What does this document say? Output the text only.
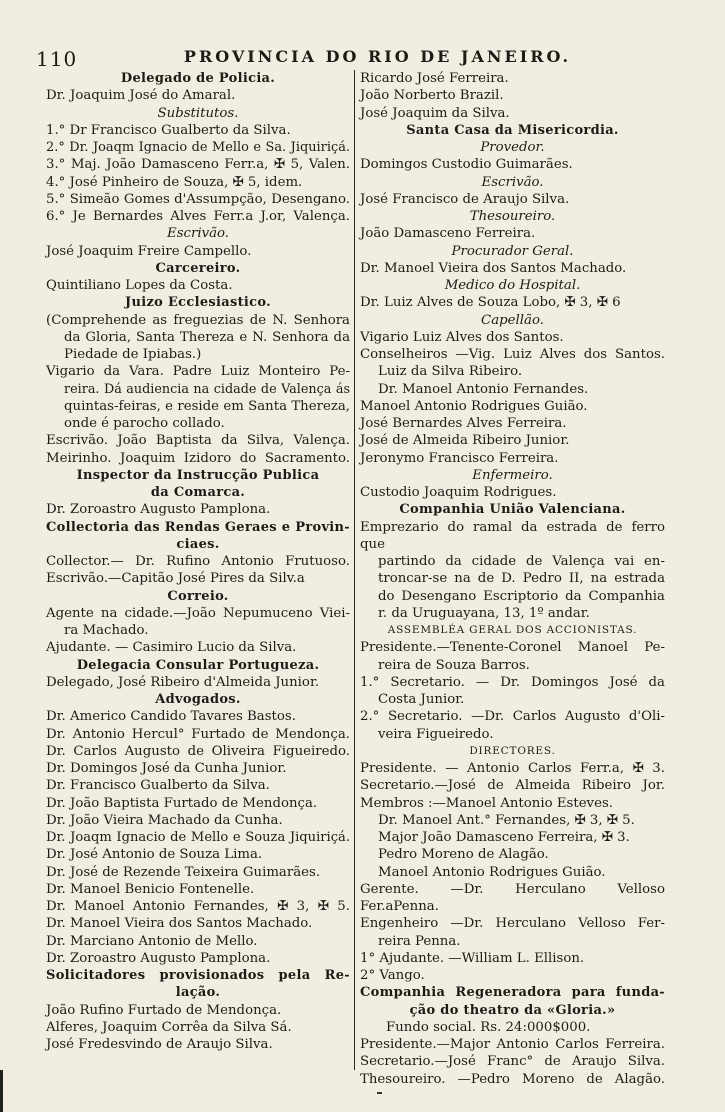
110	PROVINCIA DO RIO DE JANEIRO.
Delegado de Policia.
Dr. Joaquim José do Amaral.
Substitutos.
1.° Dr Francisco Gualberto da Silva.
2.° Dr. Joaqm Ignacio de Mello e Sa. Jiquiriçá.
3.° Maj. João Damasceno Ferr.a, ✠ 5, Valen.
4.° José Pinheiro de Souza, ✠ 5, idem.
5.° Simeão Gomes d'Assumpção, Desengano.
6.° Je Bernardes Alves Ferr.a J.or, Valença.
Escrivão.
José Joaquim Freire Campello.
Carcereiro.
Quintiliano Lopes da Costa.
Juizo Ecclesiastico.
(Comprehende as freguezias de N. Senhora
da Gloria, Santa Thereza e N. Senhora da
Piedade de Ipiabas.)
Vigario da Vara. Padre Luiz Monteiro Pe-
reira. Dá audiencia na cidade de Valença ás
quintas-feiras, e reside em Santa Thereza,
onde é parocho collado.
Escrivão. João Baptista da Silva, Valença.
Meirinho. Joaquim Izidoro do Sacramento.
Inspector da Instrucção Publica
da Comarca.
Dr. Zoroastro Augusto Pamplona.
Collectoria das Rendas Geraes e Provin-
ciaes.
Collector.— Dr. Rufino Antonio Frutuoso.
Escrivão.—Capitão José Pires da Silv.a
Correio.
Agente na cidade.—João Nepumuceno Viei-
ra Machado.
Ajudante. — Casimiro Lucio da Silva.
Delegacia Consular Portugueza.
Delegado, José Ribeiro d'Almeida Junior.
Advogados.
Dr. Americo Candido Tavares Bastos.
Dr. Antonio Hercul° Furtado de Mendonça.
Dr. Carlos Augusto de Oliveira Figueiredo.
Dr. Domingos José da Cunha Junior.
Dr. Francisco Gualberto da Silva.
Dr. João Baptista Furtado de Mendonça.
Dr. João Vieira Machado da Cunha.
Dr. Joaqm Ignacio de Mello e Souza Jiquiriçá.
Dr. José Antonio de Souza Lima.
Dr. José de Rezende Teixeira Guimarães.
Dr. Manoel Benicio Fontenelle.
Dr. Manoel Antonio Fernandes, ✠ 3, ✠ 5.
Dr. Manoel Vieira dos Santos Machado.
Dr. Marciano Antonio de Mello.
Dr. Zoroastro Augusto Pamplona.
Solicitadores provisionados pela Re-
lação.
João Rufino Furtado de Mendonça.
Alferes, Joaquim Corrêa da Silva Sá.
José Fredesvindo de Araujo Silva.
Ricardo José Ferreira.
João Norberto Brazil.
José Joaquim da Silva.
Santa Casa da Misericordia.
Provedor.
Domingos Custodio Guimarães.
Escrivão.
José Francisco de Araujo Silva.
Thesoureiro.
João Damasceno Ferreira.
Procurador Geral.
Dr. Manoel Vieira dos Santos Machado.
Medico do Hospital.
Dr. Luiz Alves de Souza Lobo, ✠ 3, ✠ 6
Capellão.
Vigario Luiz Alves dos Santos.
Conselheiros —Vig. Luiz Alves dos Santos.
Luiz da Silva Ribeiro.
Dr. Manoel Antonio Fernandes.
Manoel Antonio Rodrigues Guião.
José Bernardes Alves Ferreira.
José de Almeida Ribeiro Junior.
Jeronymo Francisco Ferreira.
Enfermeiro.
Custodio Joaquim Rodrigues.
Companhia União Valenciana.
Emprezario do ramal da estrada de ferro que
partindo da cidade de Valença vai en-
troncar-se na de D. Pedro II, na estrada
do Desengano Escriptorio da Companhia
r. da Uruguayana, 13, 1º andar.
ASSEMBLÉA GERAL DOS ACCIONISTAS.
Presidente.—Tenente-Coronel Manoel Pe-
reira de Souza Barros.
1.° Secretario. — Dr. Domingos José da
Costa Junior.
2.° Secretario. —Dr. Carlos Augusto d'Oli-
veira Figueiredo.
DIRECTORES.
Presidente. — Antonio Carlos Ferr.a, ✠ 3.
Secretario.—José de Almeida Ribeiro Jor.
Membros :—Manoel Antonio Esteves.
Dr. Manoel Ant.° Fernandes, ✠ 3, ✠ 5.
Major João Damasceno Ferreira, ✠ 3.
Pedro Moreno de Alagão.
Manoel Antonio Rodrigues Guião.
Gerente. —Dr. Herculano Velloso Fer.aPenna.
Engenheiro —Dr. Herculano Velloso Fer-
reira Penna.
1° Ajudante. —William L. Ellison.
2° Vango.
Companhia Regeneradora para funda-
ção do theatro da «Gloria.»
Fundo social. Rs. 24:000$000.
Presidente.—Major Antonio Carlos Ferreira.
Secretario.—José Franc° de Araujo Silva.
Thesoureiro. —Pedro Moreno de Alagão.
